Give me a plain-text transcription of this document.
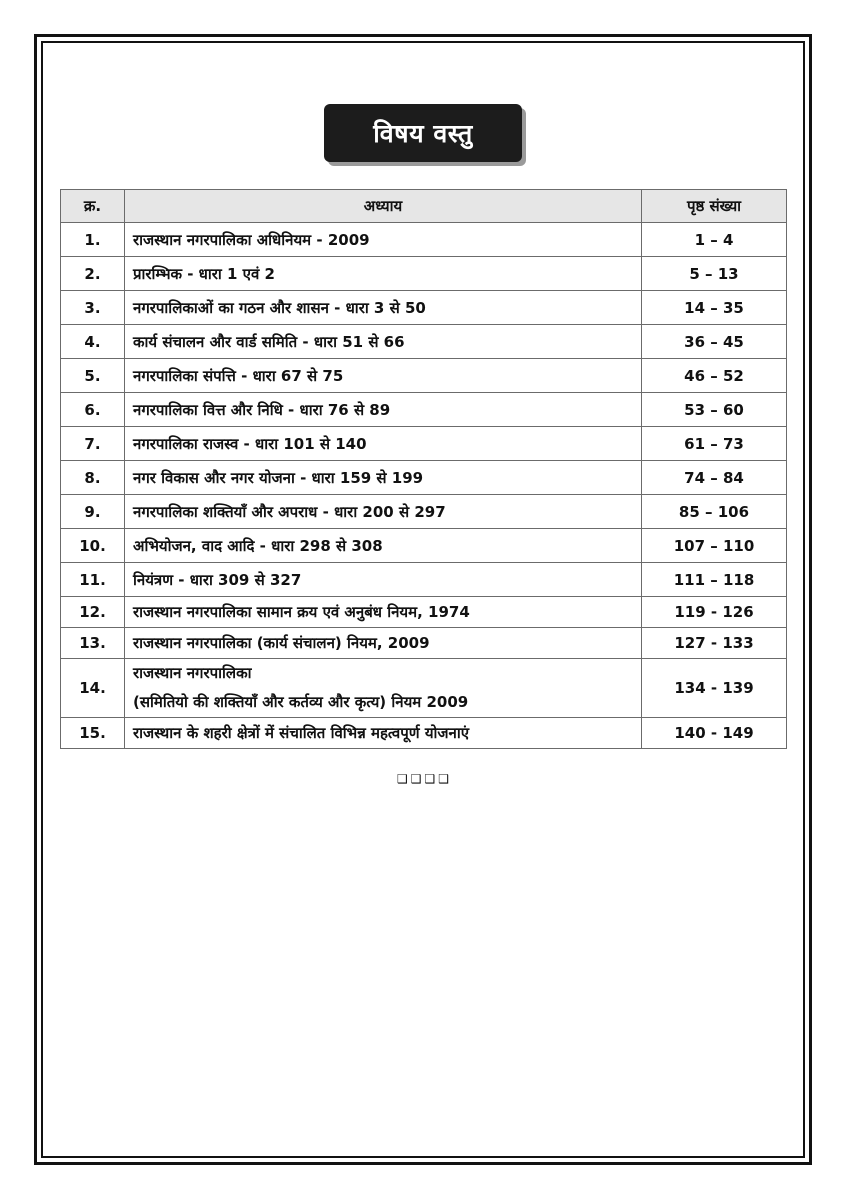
विषय वस्तु
क्र.	अध्याय	पृष्ठ संख्या
1.	राजस्थान नगरपालिका अधिनियम - 2009	1 – 4
2.	प्रारम्भिक - धारा 1 एवं 2	5 – 13
3.	नगरपालिकाओं का गठन और शासन - धारा 3 से 50	14 – 35
4.	कार्य संचालन और वार्ड समिति - धारा 51 से 66	36 – 45
5.	नगरपालिका संपत्ति - धारा 67 से 75	46 – 52
6.	नगरपालिका वित्त और निधि - धारा 76 से 89	53 – 60
7.	नगरपालिका राजस्व - धारा 101 से 140	61 – 73
8.	नगर विकास और नगर योजना - धारा 159 से 199	74 – 84
9.	नगरपालिका शक्तियाँ और अपराध - धारा 200 से 297	85 – 106
10.	अभियोजन, वाद आदि - धारा 298 से 308	107 – 110
11.	नियंत्रण - धारा 309 से 327	111 – 118
12.	राजस्थान नगरपालिका सामान क्रय एवं अनुबंध नियम, 1974	119 - 126
13.	राजस्थान नगरपालिका (कार्य संचालन) नियम, 2009	127 - 133
14.	राजस्थान नगरपालिका
(समितियो की शक्तियाँ और कर्तव्य और कृत्य) नियम 2009	134 - 139
15.	राजस्थान के शहरी क्षेत्रों में संचालित विभिन्न महत्वपूर्ण योजनाएं	140 - 149
❑❑❑❑
